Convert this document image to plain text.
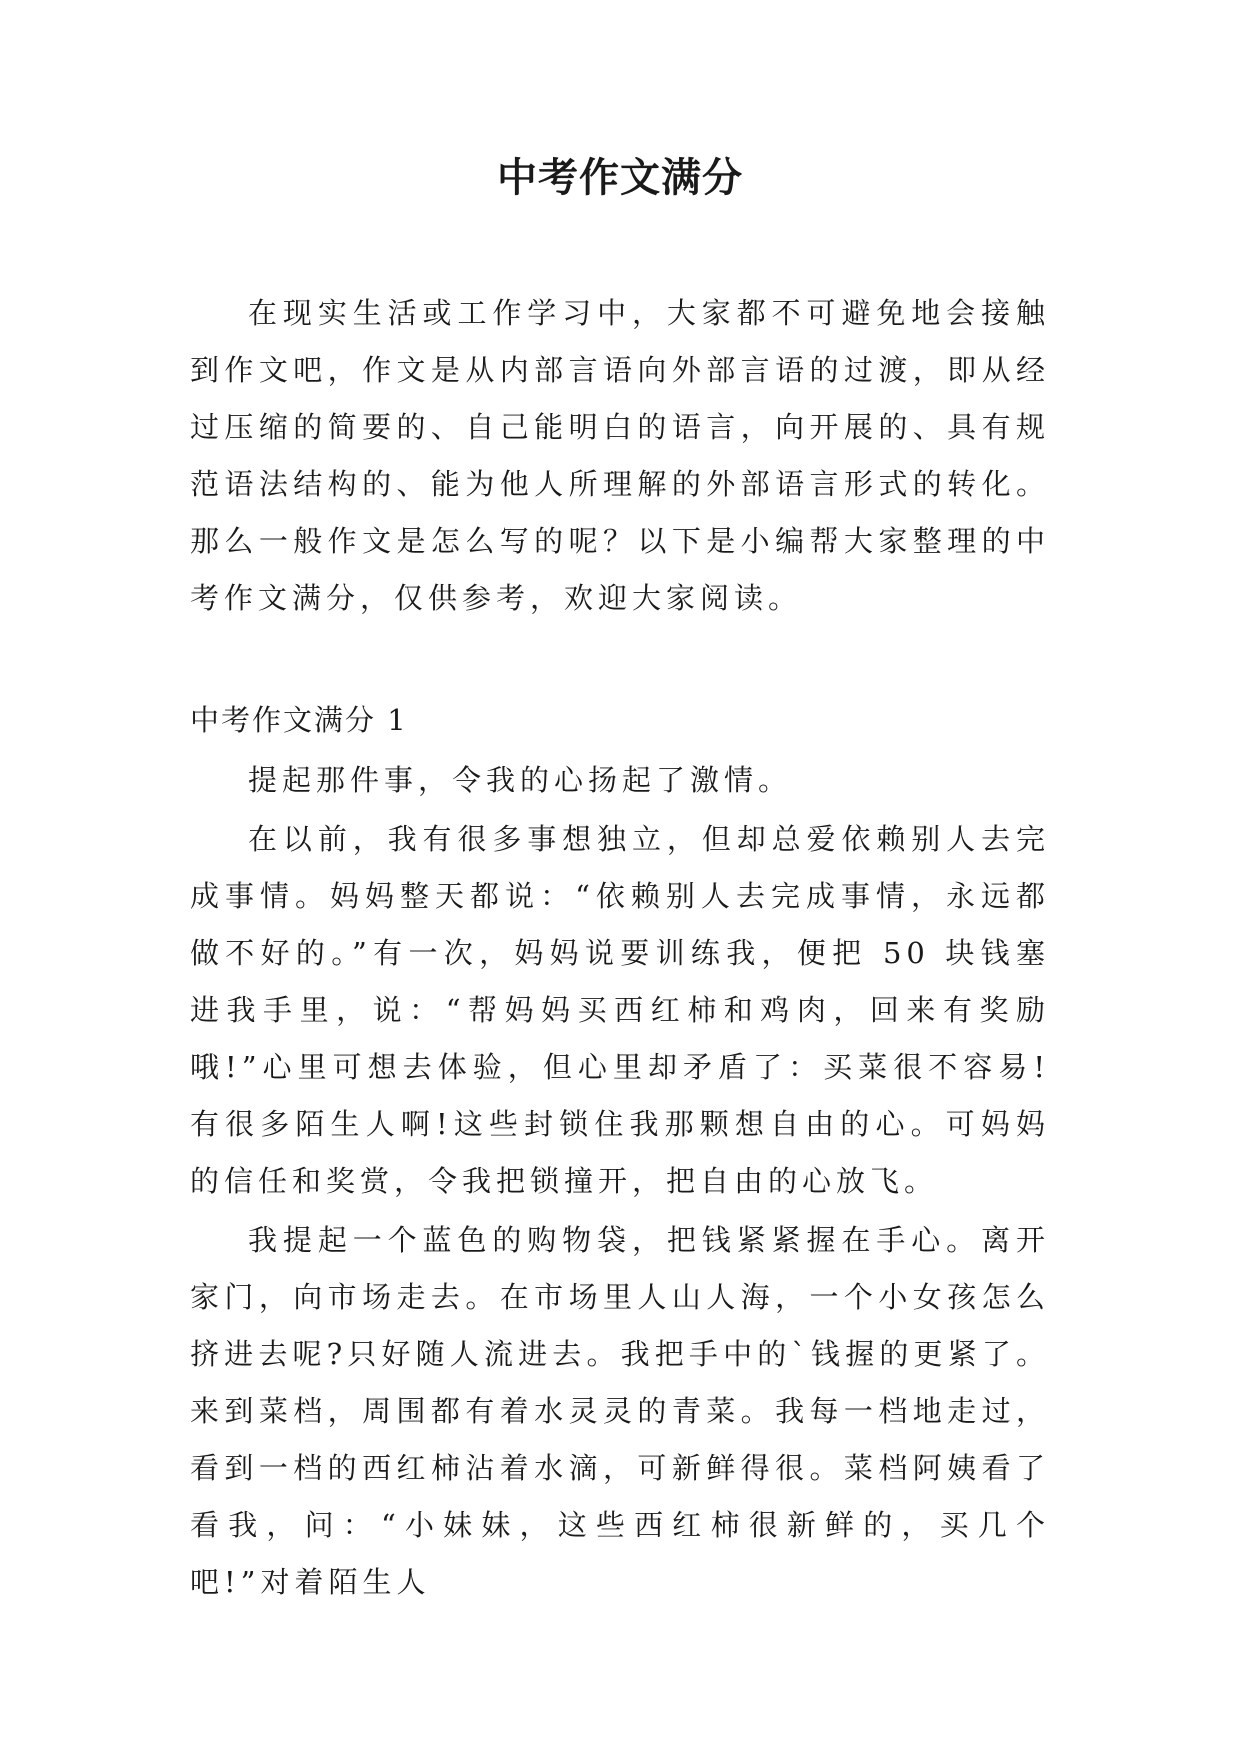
中考作文满分

在现实生活或工作学习中，大家都不可避免地会接触到作文吧，作文是从内部言语向外部言语的过渡，即从经过压缩的简要的、自己能明白的语言，向开展的、具有规范语法结构的、能为他人所理解的外部语言形式的转化。那么一般作文是怎么写的呢？以下是小编帮大家整理的中考作文满分，仅供参考，欢迎大家阅读。

中考作文满分 1

提起那件事，令我的心扬起了激情。

在以前，我有很多事想独立，但却总爱依赖别人去完成事情。妈妈整天都说：“依赖别人去完成事情，永远都做不好的。”有一次，妈妈说要训练我，便把 50 块钱塞进我手里，说：“帮妈妈买西红柿和鸡肉，回来有奖励哦!”心里可想去体验，但心里却矛盾了：买菜很不容易!有很多陌生人啊!这些封锁住我那颗想自由的心。可妈妈的信任和奖赏，令我把锁撞开，把自由的心放飞。

我提起一个蓝色的购物袋，把钱紧紧握在手心。离开家门，向市场走去。在市场里人山人海，一个小女孩怎么挤进去呢?只好随人流进去。我把手中的`钱握的更紧了。来到菜档，周围都有着水灵灵的青菜。我每一档地走过，看到一档的西红柿沾着水滴，可新鲜得很。菜档阿姨看了看我，问：“小妹妹，这些西红柿很新鲜的，买几个吧!”对着陌生人
